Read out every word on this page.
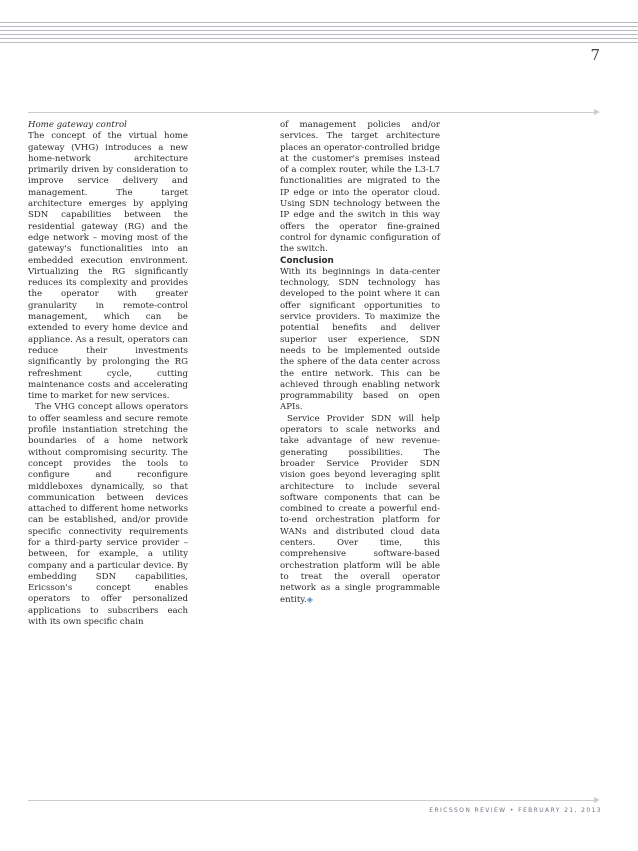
7

Home gateway control

The concept of the virtual home gateway (VHG) introduces a new home-network architecture primarily driven by consideration to improve service delivery and management. The target architecture emerges by applying SDN capabilities between the residential gateway (RG) and the edge network – moving most of the gateway's functionalities into an embedded execution environment. Virtualizing the RG significantly reduces its complexity and provides the operator with greater granularity in remote-control management, which can be extended to every home device and appliance. As a result, operators can reduce their investments significantly by prolonging the RG refreshment cycle, cutting maintenance costs and accelerating time to market for new services.

The VHG concept allows operators to offer seamless and secure remote profile instantiation stretching the boundaries of a home network without compromising security. The concept provides the tools to configure and reconfigure middleboxes dynamically, so that communication between devices attached to different home networks can be established, and/or provide specific connectivity requirements for a third-party service provider – between, for example, a utility company and a particular device. By embedding SDN capabilities, Ericsson's concept enables operators to offer personalized applications to subscribers each with its own specific chain

of management policies and/or services. The target architecture places an operator-controlled bridge at the customer's premises instead of a complex router, while the L3-L7 functionalities are migrated to the IP edge or into the operator cloud. Using SDN technology between the IP edge and the switch in this way offers the operator fine-grained control for dynamic configuration of the switch.

Conclusion

With its beginnings in data-center technology, SDN technology has developed to the point where it can offer significant opportunities to service providers. To maximize the potential benefits and deliver superior user experience, SDN needs to be implemented outside the sphere of the data center across the entire network. This can be achieved through enabling network programmability based on open APIs.

Service Provider SDN will help operators to scale networks and take advantage of new revenue-generating possibilities. The broader Service Provider SDN vision goes beyond leveraging split architecture to include several software components that can be combined to create a powerful end-to-end orchestration platform for WANs and distributed cloud data centers. Over time, this comprehensive software-based orchestration platform will be able to treat the overall operator network as a single programmable entity.◈

ERICSSON REVIEW • FEBRUARY 21, 2013
